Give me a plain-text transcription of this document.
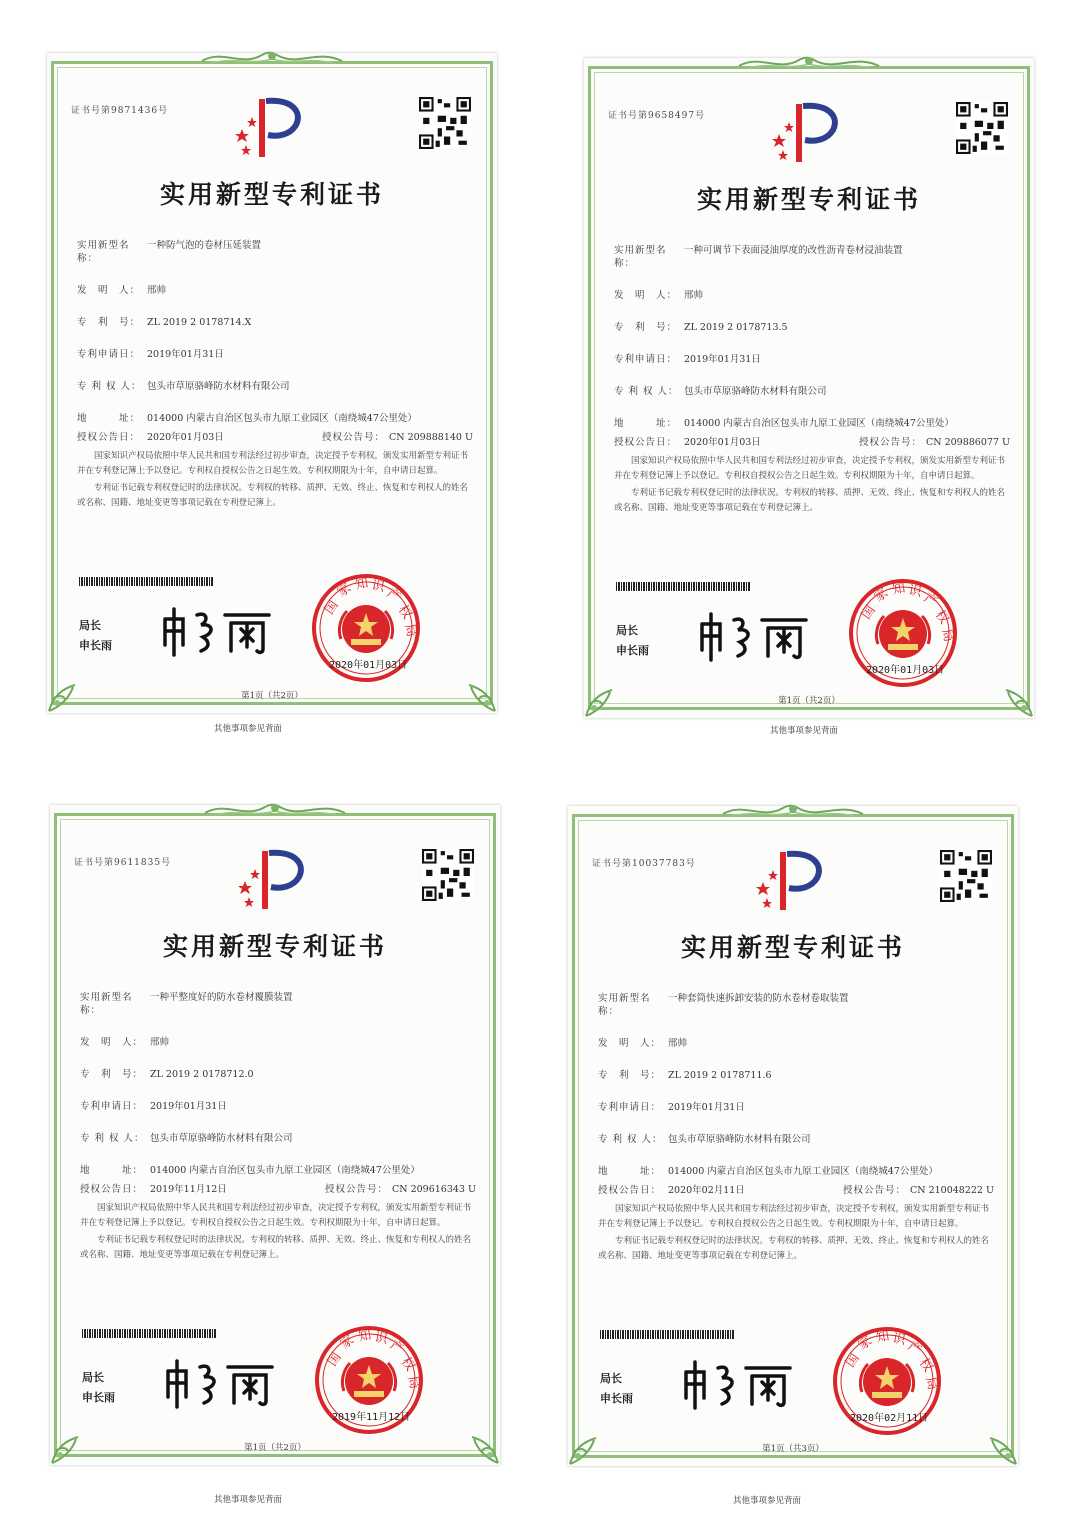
证书号第9871436号
实用新型专利证书
实用新型名称：
一种防气泡的卷材压延装置
发　明　人： 邢帅
专　利　号： ZL 2019 2 0178714.X
专利申请日： 2019年01月31日
专 利 权 人： 包头市草原骆峰防水材料有限公司
地　　　址： 014000 内蒙古自治区包头市九原工业园区（南绕城47公里处）
授权公告日： 2020年01月03日	授权公告号： CN 209888140 U

国家知识产权局依照中华人民共和国专利法经过初步审查，决定授予专利权，颁发实用新型专利证书并在专利登记簿上予以登记。专利权自授权公告之日起生效。专利权期限为十年，自申请日起算。

专利证书记载专利权登记时的法律状况。专利权的转移、质押、无效、终止、恢复和专利权人的姓名或名称、国籍、地址变更等事项记载在专利登记簿上。

局长
申长雨
国
家 知 识
产
权
局
2020年01月03日
第1页（共2页）
证书号第9658497号
实用新型专利证书
实用新型名称：
一种可调节下表面浸油厚度的改性沥青卷材浸油装置
发　明　人： 邢帅
专　利　号： ZL 2019 2 0178713.5
专利申请日： 2019年01月31日
专 利 权 人： 包头市草原骆峰防水材料有限公司
地　　　址： 014000 内蒙古自治区包头市九原工业园区（南绕城47公里处）
授权公告日： 2020年01月03日	授权公告号： CN 209886077 U

国家知识产权局依照中华人民共和国专利法经过初步审查，决定授予专利权，颁发实用新型专利证书并在专利登记簿上予以登记。专利权自授权公告之日起生效。专利权期限为十年，自申请日起算。

专利证书记载专利权登记时的法律状况。专利权的转移、质押、无效、终止、恢复和专利权人的姓名或名称、国籍、地址变更等事项记载在专利登记簿上。

局长
申长雨
国
家 知 识
产
权
局
2020年01月03日
第1页（共2页）
证书号第9611835号
实用新型专利证书
实用新型名称：
一种平整度好的防水卷材覆膜装置
发　明　人： 邢帅
专　利　号： ZL 2019 2 0178712.0
专利申请日： 2019年01月31日
专 利 权 人： 包头市草原骆峰防水材料有限公司
地　　　址： 014000 内蒙古自治区包头市九原工业园区（南绕城47公里处）
授权公告日： 2019年11月12日	授权公告号： CN 209616343 U

国家知识产权局依照中华人民共和国专利法经过初步审查，决定授予专利权，颁发实用新型专利证书并在专利登记簿上予以登记。专利权自授权公告之日起生效。专利权期限为十年，自申请日起算。

专利证书记载专利权登记时的法律状况。专利权的转移、质押、无效、终止、恢复和专利权人的姓名或名称、国籍、地址变更等事项记载在专利登记簿上。

局长
申长雨
国
家 知 识
产
权
局
2019年11月12日
第1页（共2页）
证书号第10037783号
实用新型专利证书
实用新型名称：
一种套筒快速拆卸安装的防水卷材卷取装置
发　明　人： 邢帅
专　利　号： ZL 2019 2 0178711.6
专利申请日： 2019年01月31日
专 利 权 人： 包头市草原骆峰防水材料有限公司
地　　　址： 014000 内蒙古自治区包头市九原工业园区（南绕城47公里处）
授权公告日： 2020年02月11日	授权公告号： CN 210048222 U

国家知识产权局依照中华人民共和国专利法经过初步审查，决定授予专利权，颁发实用新型专利证书并在专利登记簿上予以登记。专利权自授权公告之日起生效。专利权期限为十年，自申请日起算。

专利证书记载专利权登记时的法律状况。专利权的转移、质押、无效、终止、恢复和专利权人的姓名或名称、国籍、地址变更等事项记载在专利登记簿上。

局长
申长雨
国
家 知 识
产
权
局
2020年02月11日
第1页（共3页）
其他事项参见背面	其他事项参见背面
其他事项参见背面	其他事项参见背面
